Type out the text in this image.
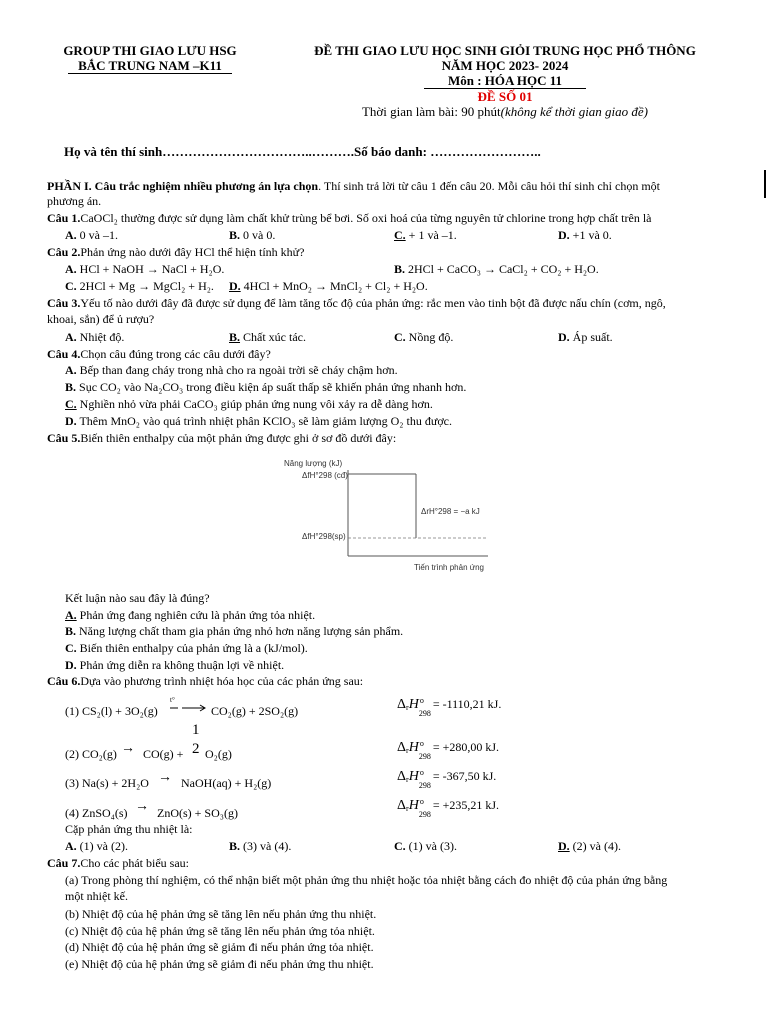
GROUP THI GIAO LƯU HSG
BẮC TRUNG NAM –K11
ĐỀ THI GIAO LƯU HỌC SINH GIỎI TRUNG HỌC PHỔ THÔNG
NĂM HỌC 2023- 2024
Môn : HÓA HỌC 11
ĐỀ SỐ 01
Thời gian làm bài: 90 phút(không kể thời gian giao đề)
Họ và tên thí sinh……………………………..……….Số báo danh: ……………………..
PHẦN I. Câu trắc nghiệm nhiều phương án lựa chọn. Thí sinh trả lời từ câu 1 đến câu 20. Mỗi câu hỏi thí sinh chỉ chọn một
phương án.
Câu 1.CaOCl₂ thường được sử dụng làm chất khử trùng bể bơi. Số oxi hoá của từng nguyên tử chlorine trong hợp chất trên là
A. 0 và –1.	B. 0 và 0.	C. + 1 và –1.	D. +1 và 0.
Câu 2.Phản ứng nào dưới đây HCl thể hiện tính khử?
A. HCl + NaOH → NaCl + H₂O.	B. 2HCl + CaCO₃ → CaCl₂ + CO₂ + H₂O.
C. 2HCl + Mg → MgCl₂ + H₂. D. 4HCl + MnO₂ → MnCl₂ + Cl₂ + H₂O.
Câu 3.Yếu tố nào dưới đây đã được sử dụng để làm tăng tốc độ của phản ứng: rắc men vào tinh bột đã được nấu chín (cơm, ngô,
khoai, sắn) để ủ rượu?
A. Nhiệt độ.	B. Chất xúc tác.	C. Nồng độ.	D. Áp suất.
Câu 4.Chọn câu đúng trong các câu dưới đây?
A. Bếp than đang cháy trong nhà cho ra ngoài trời sẽ cháy chậm hơn.
B. Sục CO₂ vào Na₂CO₃ trong điều kiện áp suất thấp sẽ khiến phản ứng nhanh hơn.
C. Nghiền nhỏ vừa phải CaCO₃ giúp phản ứng nung vôi xảy ra dễ dàng hơn.
D. Thêm MnO₂ vào quá trình nhiệt phân KClO₃ sẽ làm giảm lượng O₂ thu được.
Câu 5.Biến thiên enthalpy của một phản ứng được ghi ở sơ đồ dưới đây:
Năng lượng (kJ)
ΔfH°298 (cđ)
ΔfH°298(sp)
ΔrH°298 = −a kJ
Tiến trình phản ứng
Kết luận nào sau đây là đúng?
A. Phản ứng đang nghiên cứu là phản ứng tỏa nhiệt.
B. Năng lượng chất tham gia phản ứng nhỏ hơn năng lượng sản phẩm.
C. Biến thiên enthalpy của phản ứng là a (kJ/mol).
D. Phản ứng diễn ra không thuận lợi về nhiệt.
Câu 6.Dựa vào phương trình nhiệt hóa học của các phản ứng sau:
(1) CS₂(l) + 3O₂(g)
t°
→ CO₂(g) + 2SO₂(g)	$\Delta_rH$ o
298
= -1110,21 kJ.
(2) CO₂(g) → CO(g) +
1
2 O₂(g)	$\Delta_rH$ o
298
= +280,00 kJ.
(3) Na(s) + 2H₂O → NaOH(aq) + H₂(g)	$\Delta_rH$ o
298
= -367,50 kJ.
(4) ZnSO₄(s) → ZnO(s) + SO₃(g)	$\Delta_rH$ o
298
= +235,21 kJ.
Cặp phản ứng thu nhiệt là:
A. (1) và (2).	B. (3) và (4).	C. (1) và (3).	D. (2) và (4).
Câu 7.Cho các phát biểu sau:
(a) Trong phòng thí nghiệm, có thể nhận biết một phản ứng thu nhiệt hoặc tỏa nhiệt bằng cách đo nhiệt độ của phản ứng bằng
một nhiệt kế.
(b) Nhiệt độ của hệ phản ứng sẽ tăng lên nếu phản ứng thu nhiệt.
(c) Nhiệt độ của hệ phản ứng sẽ tăng lên nếu phản ứng tỏa nhiệt.
(d) Nhiệt độ của hệ phản ứng sẽ giảm đi nếu phản ứng tỏa nhiệt.
(e) Nhiệt độ của hệ phản ứng sẽ giảm đi nếu phản ứng thu nhiệt.
